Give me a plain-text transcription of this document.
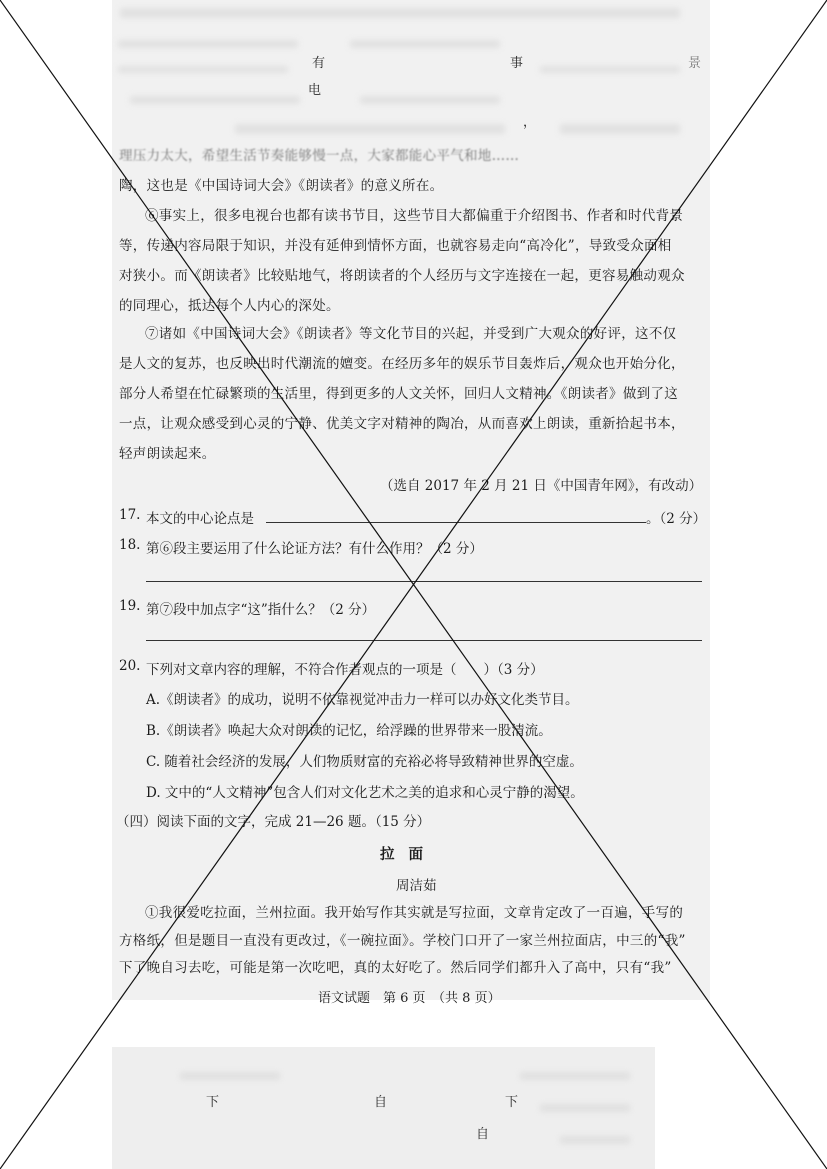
有	事	景
电
，
理压力太大，希望生活节奏能够慢一点，大家都能心平气和地……
陶，这也是《中国诗词大会》《朗读者》的意义所在。
⑥事实上，很多电视台也都有读书节目，这些节目大都偏重于介绍图书、作者和时代背景
等，传递内容局限于知识，并没有延伸到情怀方面，也就容易走向“高冷化”，导致受众面相
对狭小。而《朗读者》比较贴地气，将朗读者的个人经历与文字连接在一起，更容易触动观众
的同理心，抵达每个人内心的深处。
⑦诸如《中国诗词大会》《朗读者》等文化节目的兴起，并受到广大观众的好评，这不仅
是人文的复苏，也反映出时代潮流的嬗变。在经历多年的娱乐节目轰炸后，观众也开始分化，
部分人希望在忙碌繁琐的生活里，得到更多的人文关怀，回归人文精神。《朗读者》做到了这
一点，让观众感受到心灵的宁静、优美文字对精神的陶冶，从而喜欢上朗读，重新拾起书本，
轻声朗读起来。
（选自 2017 年 2 月 21 日《中国青年网》，有改动）
17. 本文的中心论点是	。（2 分）
18. 第⑥段主要运用了什么论证方法？有什么作用？（2 分）
19. 第⑦段中加点字“这”指什么？（2 分）
20. 下列对文章内容的理解，不符合作者观点的一项是（　　）（3 分）
A.《朗读者》的成功，说明不依靠视觉冲击力一样可以办好文化类节目。
B.《朗读者》唤起大众对朗读的记忆，给浮躁的世界带来一股清流。
C. 随着社会经济的发展，人们物质财富的充裕必将导致精神世界的空虚。
D. 文中的“人文精神”包含人们对文化艺术之美的追求和心灵宁静的渴望。
（四）阅读下面的文字，完成 21—26 题。（15 分）
拉面
周洁茹
①我很爱吃拉面，兰州拉面。我开始写作其实就是写拉面，文章肯定改了一百遍，手写的
方格纸，但是题目一直没有更改过，《一碗拉面》。学校门口开了一家兰州拉面店，中三的“我”
下了晚自习去吃，可能是第一次吃吧，真的太好吃了。然后同学们都升入了高中，只有“我”
语文试题　第 6 页　（共 8 页）
下	自	下
自
